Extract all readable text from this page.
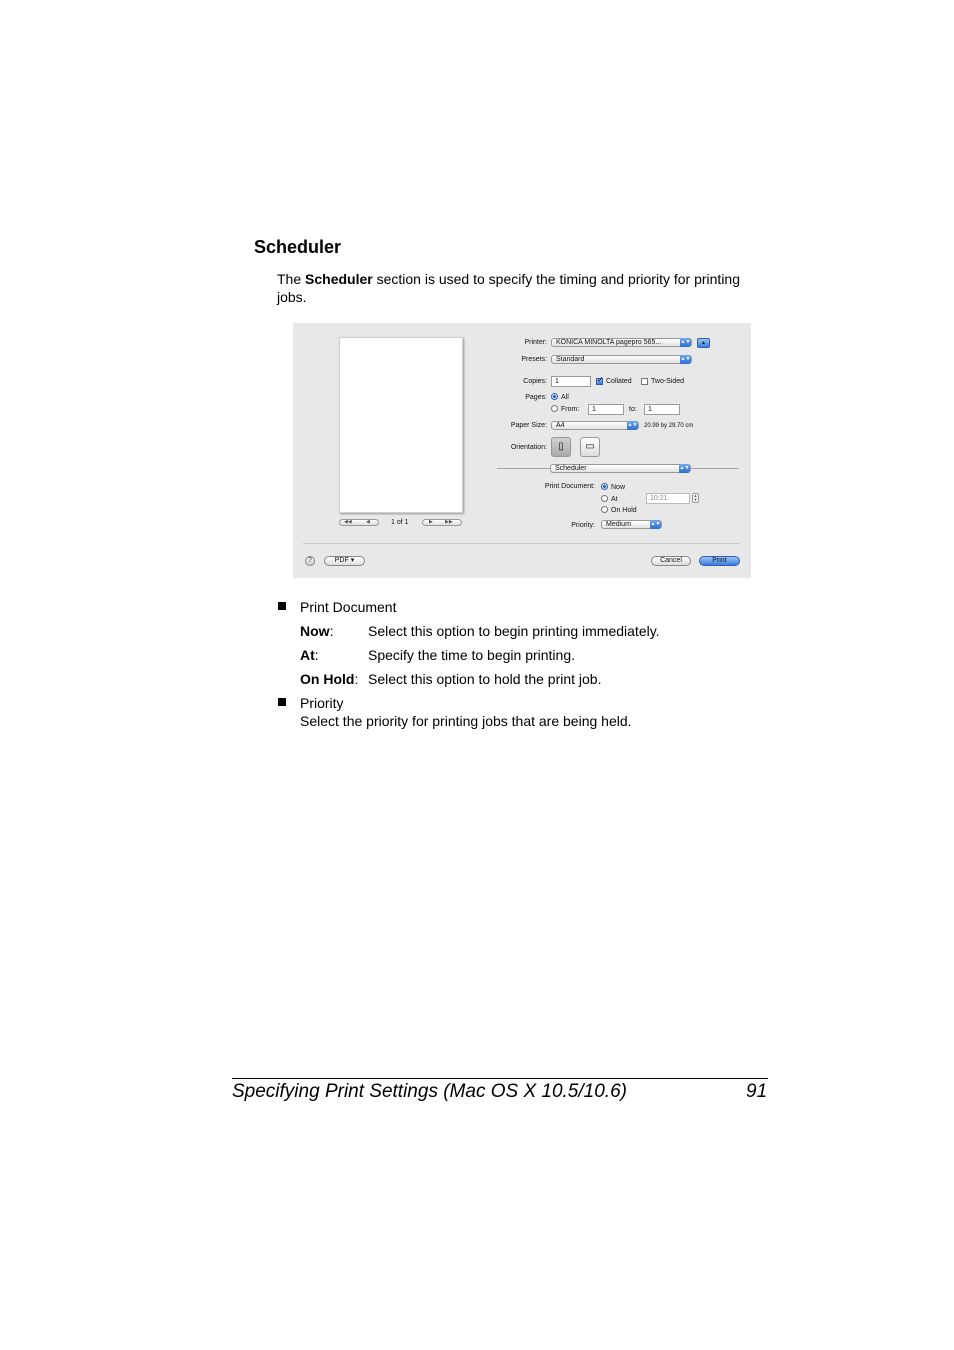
Scheduler
The Scheduler section is used to specify the timing and priority for printing jobs.
◀◀	◀	1 of 1	▶ ▶▶
Printer: KONICA MINOLTA pagepro 565...	▲▼	▲
Presets: Standard	▲▼
Copies: 1
✓	Collated	Two-Sided
Pages: All
From: 1	to: 1
Paper Size: A4	▲▼ 20.99 by 29.70 cm
Orientation:	▯	▭
Scheduler	▲▼
Print Document: Now
At	10:21	▲
▼
On Hold
Priority: Medium	▲▼
?	PDF ▾	Cancel	Print
Print Document
Now: Select this option to begin printing immediately.
At:	Specify the time to begin printing.
On Hold: Select this option to hold the print job.
Priority
Select the priority for printing jobs that are being held.
Specifying Print Settings (Mac OS X 10.5/10.6)	91
